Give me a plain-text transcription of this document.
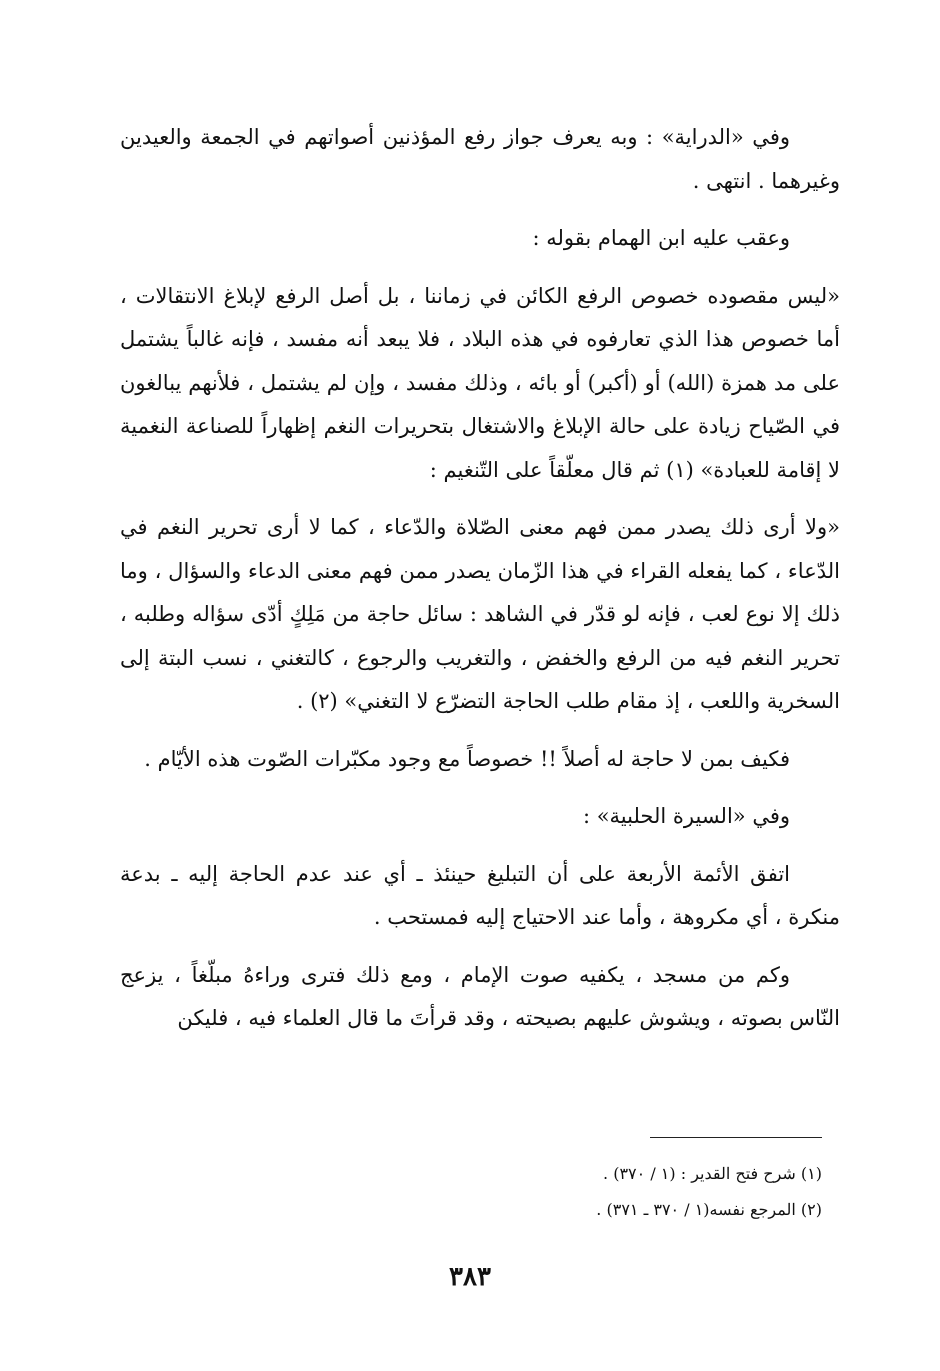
وفي «الدراية» : وبه يعرف جواز رفع المؤذنين أصواتهم في الجمعة والعيدين وغيرهما . انتهى .

وعقب عليه ابن الهمام بقوله :

«ليس مقصوده خصوص الرفع الكائن في زماننا ، بل أصل الرفع لإبلاغ الانتقالات ، أما خصوص هذا الذي تعارفوه في هذه البلاد ، فلا يبعد أنه مفسد ، فإنه غالباً يشتمل على مد همزة (الله) أو (أكبر) أو بائه ، وذلك مفسد ، وإن لم يشتمل ، فلأنهم يبالغون في الصّياح زيادة على حالة الإبلاغ والاشتغال بتحريرات النغم إظهاراً للصناعة النغمية لا إقامة للعبادة» (١) ثم قال معلّقاً على التّنغيم :

«ولا أرى ذلك يصدر ممن فهم معنى الصّلاة والدّعاء ، كما لا أرى تحرير النغم في الدّعاء ، كما يفعله القراء في هذا الزّمان يصدر ممن فهم معنى الدعاء والسؤال ، وما ذلك إلا نوع لعب ، فإنه لو قدّر في الشاهد : سائل حاجة من مَلِكٍ أدّى سؤاله وطلبه ، تحرير النغم فيه من الرفع والخفض ، والتغريب والرجوع ، كالتغني ، نسب البتة إلى السخرية واللعب ، إذ مقام طلب الحاجة التضرّع لا التغني» (٢) .

فكيف بمن لا حاجة له أصلاً !! خصوصاً مع وجود مكبّرات الصّوت هذه الأيّام .

وفي «السيرة الحلبية» :

اتفق الأئمة الأربعة على أن التبليغ حينئذ ـ أي عند عدم الحاجة إليه ـ بدعة منكرة ، أي مكروهة ، وأما عند الاحتياج إليه فمستحب .

وكم من مسجد ، يكفيه صوت الإمام ، ومع ذلك فترى وراءهُ مبلّغاً ، يزعج النّاس بصوته ، ويشوش عليهم بصيحته ، وقد قرأتَ ما قال العلماء فيه ، فليكن

(١) شرح فتح القدير : (١ / ٣٧٠) .
(٢) المرجع نفسه(١ / ٣٧٠ ـ ٣٧١) .
٣٨٣
